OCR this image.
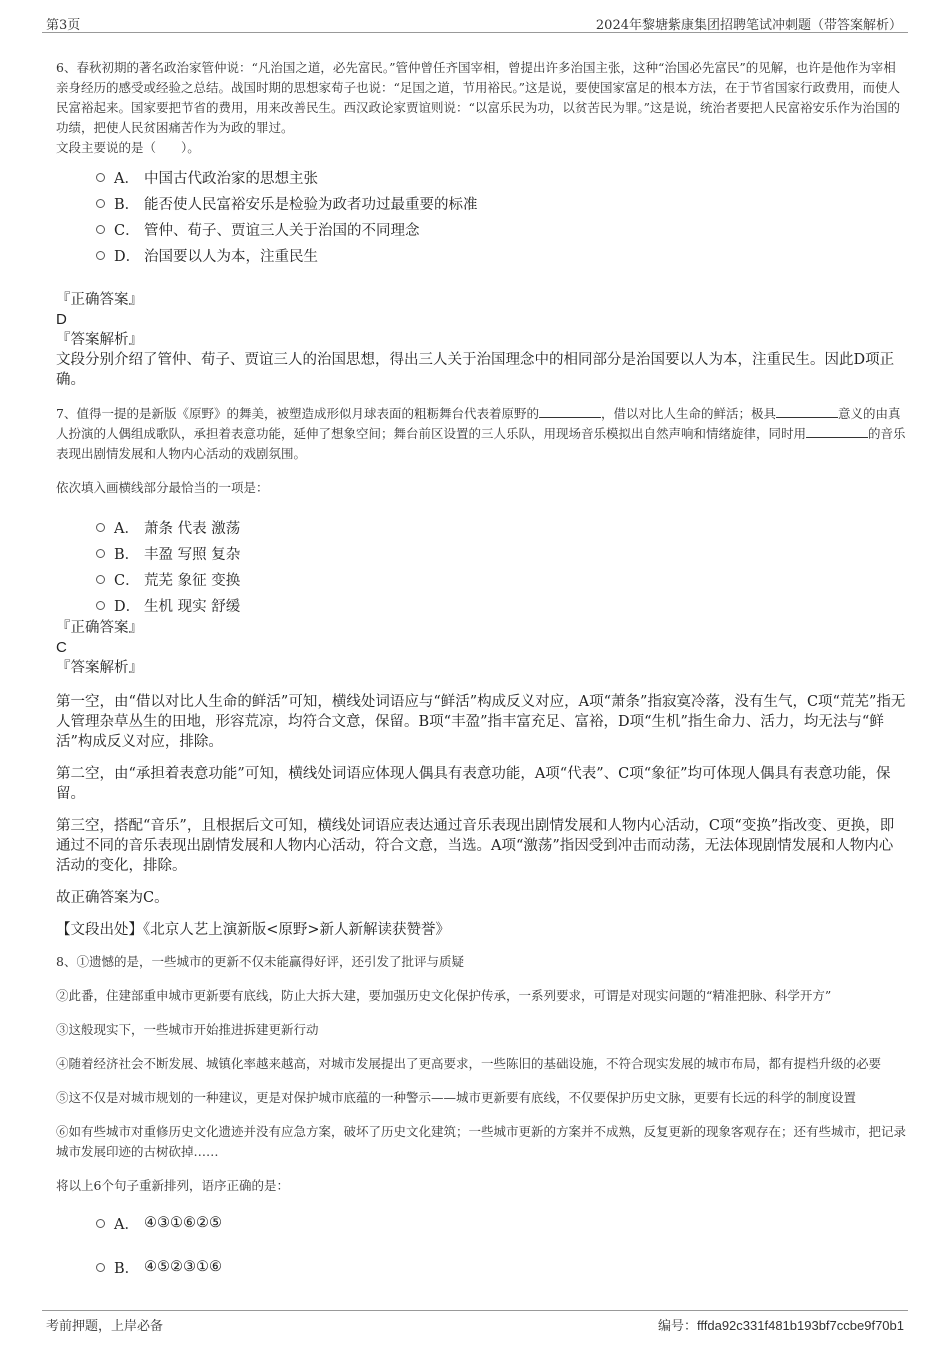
第3页	2024年黎塘紫康集团招聘笔试冲刺题（带答案解析）

6、春秋初期的著名政治家管仲说：“凡治国之道，必先富民。”管仲曾任齐国宰相，曾提出许多治国主张，这种“治国必先富民”的见解，也许是他作为宰相亲身经历的感受或经验之总结。战国时期的思想家荀子也说：“足国之道，节用裕民。”这是说，要使国家富足的根本方法，在于节省国家行政费用，而使人民富裕起来。国家要把节省的费用，用来改善民生。西汉政论家贾谊则说：“以富乐民为功，以贫苦民为罪。”这是说，统治者要把人民富裕安乐作为治国的功绩，把使人民贫困痛苦作为为政的罪过。

文段主要说的是（　　）。

A． 中国古代政治家的思想主张
B． 能否使人民富裕安乐是检验为政者功过最重要的标准
C． 管仲、荀子、贾谊三人关于治国的不同理念
D． 治国要以人为本，注重民生

『正确答案』

D

『答案解析』

文段分别介绍了管仲、荀子、贾谊三人的治国思想，得出三人关于治国理念中的相同部分是治国要以人为本，注重民生。因此D项正确。

7、值得一提的是新版《原野》的舞美，被塑造成形似月球表面的粗粝舞台代表着原野的	，借以对比人生命的鲜活；极具	意义的由真人扮演的人偶组成歌队，承担着表意功能，延伸了想象空间；舞台前区设置的三人乐队，用现场音乐模拟出自然声响和情绪旋律，同时用	的音乐表现出剧情发展和人物内心活动的戏剧氛围。

依次填入画横线部分最恰当的一项是：

A． 萧条 代表 激荡
B． 丰盈 写照 复杂
C． 荒芜 象征 变换
D． 生机 现实 舒缓

『正确答案』

C

『答案解析』

第一空，由“借以对比人生命的鲜活”可知，横线处词语应与“鲜活”构成反义对应，A项“萧条”指寂寞冷落，没有生气，C项“荒芜”指无人管理杂草丛生的田地，形容荒凉，均符合文意，保留。B项“丰盈”指丰富充足、富裕，D项“生机”指生命力、活力，均无法与“鲜活”构成反义对应，排除。

第二空，由“承担着表意功能”可知，横线处词语应体现人偶具有表意功能，A项“代表”、C项“象征”均可体现人偶具有表意功能，保留。

第三空，搭配“音乐”，且根据后文可知，横线处词语应表达通过音乐表现出剧情发展和人物内心活动，C项“变换”指改变、更换，即通过不同的音乐表现出剧情发展和人物内心活动，符合文意，当选。A项“激荡”指因受到冲击而动荡，无法体现剧情发展和人物内心活动的变化，排除。

故正确答案为C。

【文段出处】《北京人艺上演新版<原野>新人新解读获赞誉》

8、①遗憾的是，一些城市的更新不仅未能赢得好评，还引发了批评与质疑

②此番，住建部重申城市更新要有底线，防止大拆大建，要加强历史文化保护传承，一系列要求，可谓是对现实问题的“精准把脉、科学开方”

③这般现实下，一些城市开始推进拆建更新行动

④随着经济社会不断发展、城镇化率越来越高，对城市发展提出了更高要求，一些陈旧的基础设施，不符合现实发展的城市布局，都有提档升级的必要

⑤这不仅是对城市规划的一种建议，更是对保护城市底蕴的一种警示——城市更新要有底线，不仅要保护历史文脉，更要有长远的科学的制度设置

⑥如有些城市对重修历史文化遗迹并没有应急方案，破坏了历史文化建筑；一些城市更新的方案并不成熟，反复更新的现象客观存在；还有些城市，把记录城市发展印迹的古树砍掉……

将以上6个句子重新排列，语序正确的是：

A． ④③①⑥②⑤
B． ④⑤②③①⑥
考前押题，上岸必备	编号：fffda92c331f481b193bf7ccbe9f70b1
